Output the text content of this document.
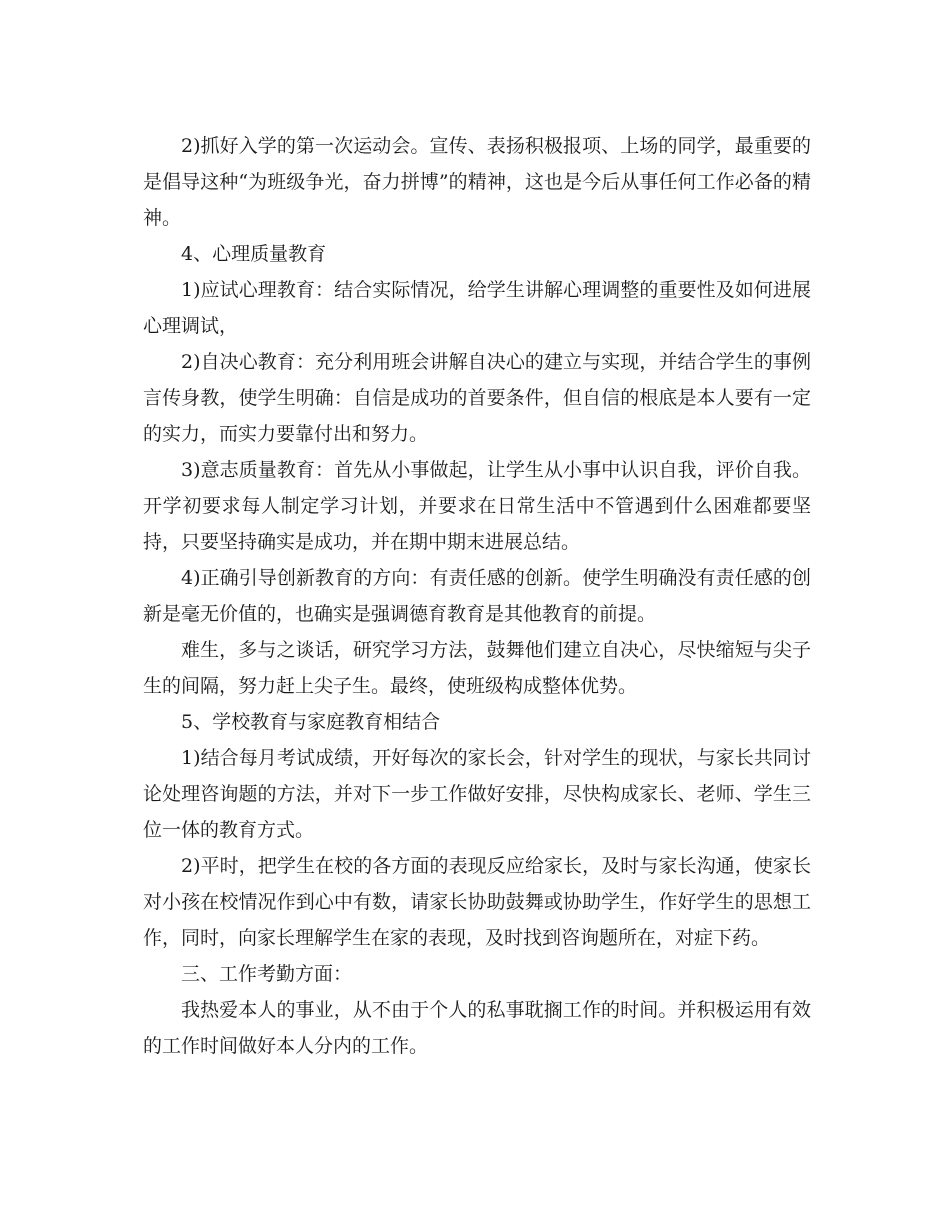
2)抓好入学的第一次运动会。宣传、表扬积极报项、上场的同学，最重要的是倡导这种“为班级争光，奋力拼博”的精神，这也是今后从事任何工作必备的精神。

4、心理质量教育

1)应试心理教育：结合实际情况，给学生讲解心理调整的重要性及如何进展心理调试，

2)自决心教育：充分利用班会讲解自决心的建立与实现，并结合学生的事例言传身教，使学生明确：自信是成功的首要条件，但自信的根底是本人要有一定的实力，而实力要靠付出和努力。

3)意志质量教育：首先从小事做起，让学生从小事中认识自我，评价自我。开学初要求每人制定学习计划，并要求在日常生活中不管遇到什么困难都要坚持，只要坚持确实是成功，并在期中期末进展总结。

4)正确引导创新教育的方向：有责任感的创新。使学生明确没有责任感的创新是毫无价值的，也确实是强调德育教育是其他教育的前提。

难生，多与之谈话，研究学习方法，鼓舞他们建立自决心，尽快缩短与尖子生的间隔，努力赶上尖子生。最终，使班级构成整体优势。

5、学校教育与家庭教育相结合

1)结合每月考试成绩，开好每次的家长会，针对学生的现状，与家长共同讨论处理咨询题的方法，并对下一步工作做好安排，尽快构成家长、老师、学生三位一体的教育方式。

2)平时，把学生在校的各方面的表现反应给家长，及时与家长沟通，使家长对小孩在校情况作到心中有数，请家长协助鼓舞或协助学生，作好学生的思想工作，同时，向家长理解学生在家的表现，及时找到咨询题所在，对症下药。

三、工作考勤方面：

我热爱本人的事业，从不由于个人的私事耽搁工作的时间。并积极运用有效的工作时间做好本人分内的工作。
